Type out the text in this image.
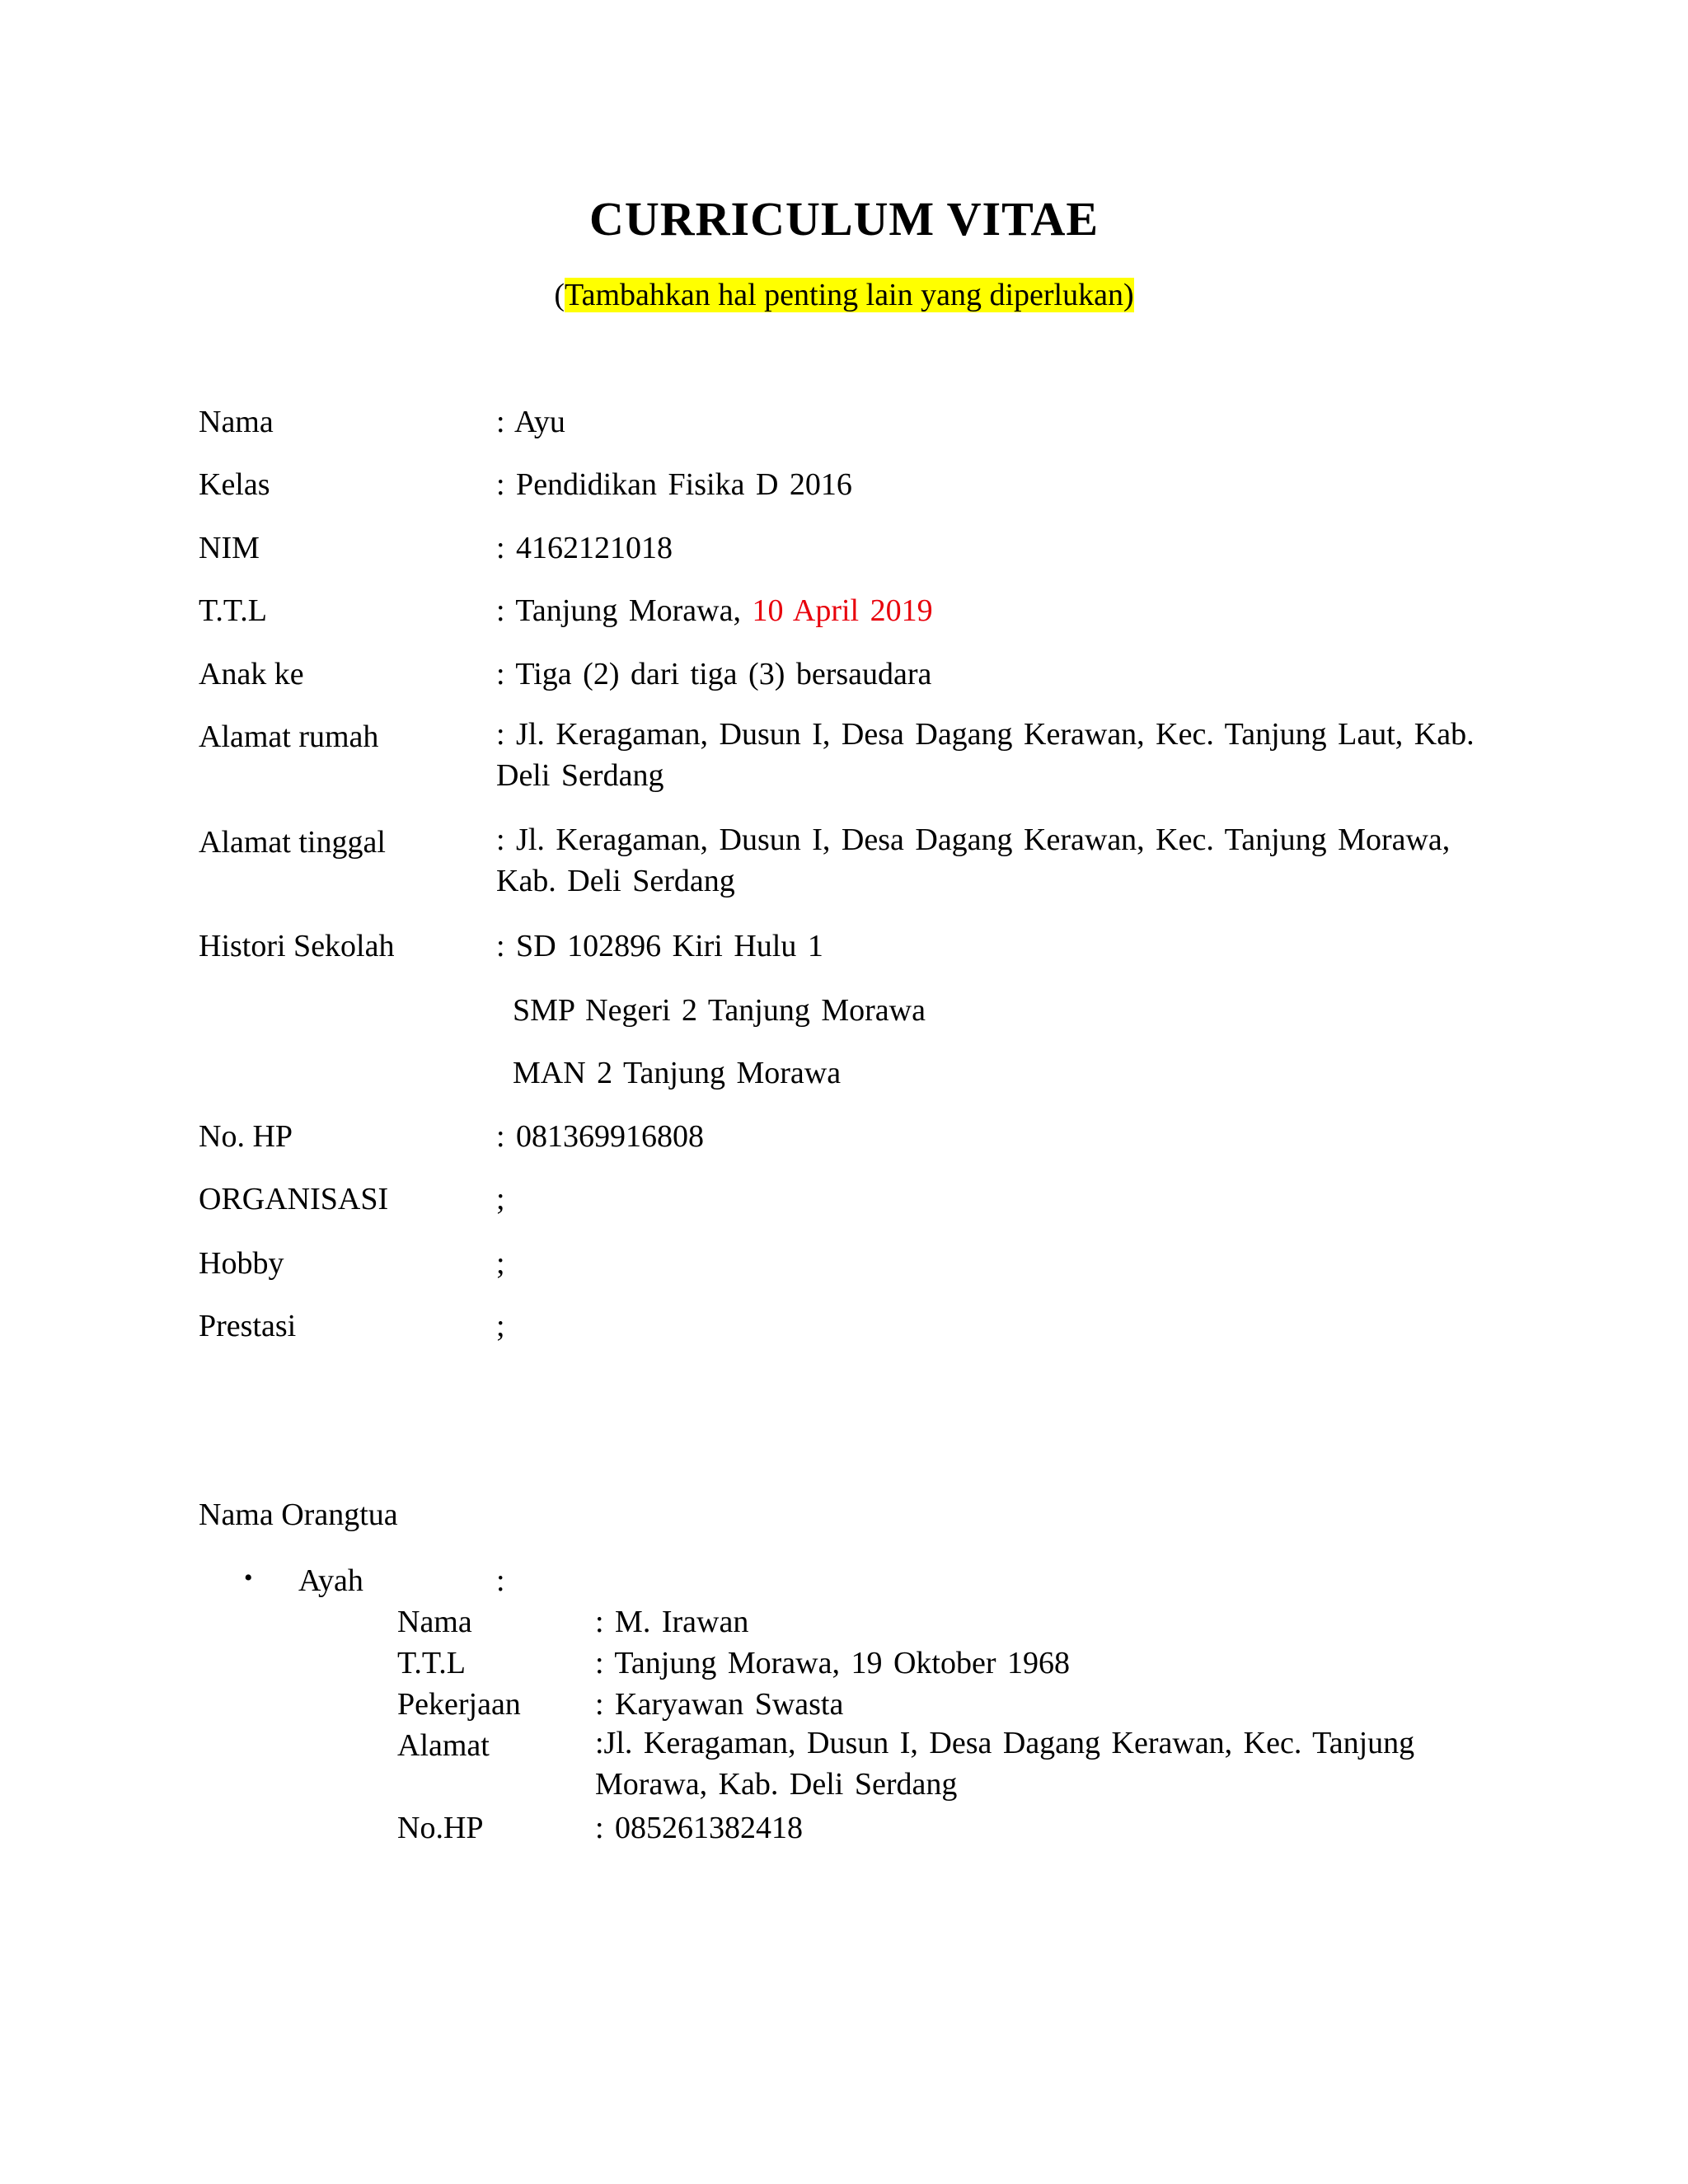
CURRICULUM VITAE
(Tambahkan hal penting lain yang diperlukan)
Nama	: Ayu
Kelas	: Pendidikan Fisika D 2016
NIM	: 4162121018
T.T.L	: Tanjung Morawa, 10 April 2019
Anak ke	: Tiga (2) dari tiga (3) bersaudara
Alamat rumah	: Jl. Keragaman, Dusun I, Desa Dagang Kerawan, Kec. Tanjung Laut, Kab. Deli Serdang
Alamat tinggal	: Jl. Keragaman, Dusun I, Desa Dagang Kerawan, Kec. Tanjung Morawa, Kab. Deli Serdang
Histori Sekolah	: SD 102896 Kiri Hulu 1
SMP Negeri 2 Tanjung Morawa
MAN 2 Tanjung Morawa
No. HP	: 081369916808
ORGANISASI	;
Hobby	;
Prestasi	;
Nama Orangtua
• Ayah	:
Nama	: M. Irawan
T.T.L	: Tanjung Morawa, 19 Oktober 1968
Pekerjaan : Karyawan Swasta
Alamat	:Jl. Keragaman, Dusun I, Desa Dagang Kerawan, Kec. Tanjung Morawa, Kab. Deli Serdang
No.HP	: 085261382418
